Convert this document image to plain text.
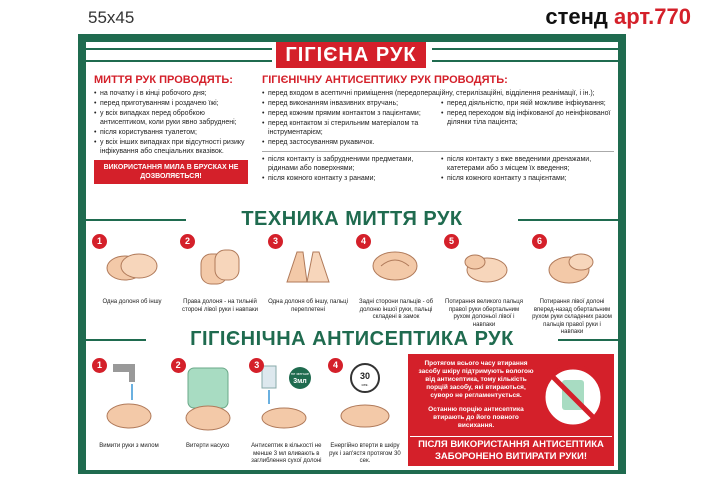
55x45	стенд арт.770
ГІГІЄНА РУК
МИТТЯ РУК ПРОВОДЯТЬ:
• на початку і в кінці робочого дня;
• перед приготуванням і роздачею їжі;
• у всіх випадках перед обробкою антисептиком, коли руки явно забруднені;
• після користування туалетом;
• у всіх інших випадках при відсутності ризику інфікування або спеціальних вказівок.
ВИКОРИСТАННЯ МИЛА В БРУСКАХ НЕ ДОЗВОЛЯЄТЬСЯ!
ГІГІЄНІЧНУ АНТИСЕПТИКУ РУК ПРОВОДЯТЬ:
• перед входом в асептичні приміщення (передопераційну, стерилізаційні, відділення реанімації, і ін.);
• перед виконанням інвазивних втручань;
• перед кожним прямим контактом з пацієнтами;
• перед контактом зі стерильним матеріалом та інструментарієм;
• перед застосуванням рукавичок.
• перед діяльністю, при якій можливе інфікування;
• перед переходом від інфікованої до неінфікованої ділянки тіла пацієнта;
• після контакту із забрудненими предметами, рідинами або поверхнями;
• після кожного контакту з ранами;
• після контакту з вже введеними дренажами, катетерами або з місцем їх введення;
• після кожного контакту з пацієнтами;
ТЕХНИКА МИТТЯ РУК
1
Одна долоня об іншу
2
Права долоня - на тильній стороні лівої руки і навпаки
3
Одна долоня об іншу, пальці переплетені
4
Задні сторони пальців - об долоню іншої руки, пальці складені в замок
5
Потирання великого пальця правої руки обертальним рухом долоньої лівої і навпаки
6
Потирання лівої долоні вперед-назад обертальним рухом руки складених разом пальців правої руки і навпаки
ГІГІЄНІЧНА АНТИСЕПТИКА РУК
1
Вимити руки з милом
2
Витерти насухо
3
не менше
3мл
Антисептик в кількості не менше 3 мл вливають в заглиблення сухої долоні
4
30
сек.
Енергійно втерти в шкіру рук і зап'ястя протягом 30 сек.

Протягом всього часу втирання засобу шкіру підтримують вологою від антисептика, тому кількість порцій засобу, які втираються, суворо не регламентується.

Останню порцію антисептика втирають до його повного висихання.

ПІСЛЯ ВИКОРИСТАННЯ АНТИСЕПТИКА ЗАБОРОНЕНО ВИТИРАТИ РУКИ!
